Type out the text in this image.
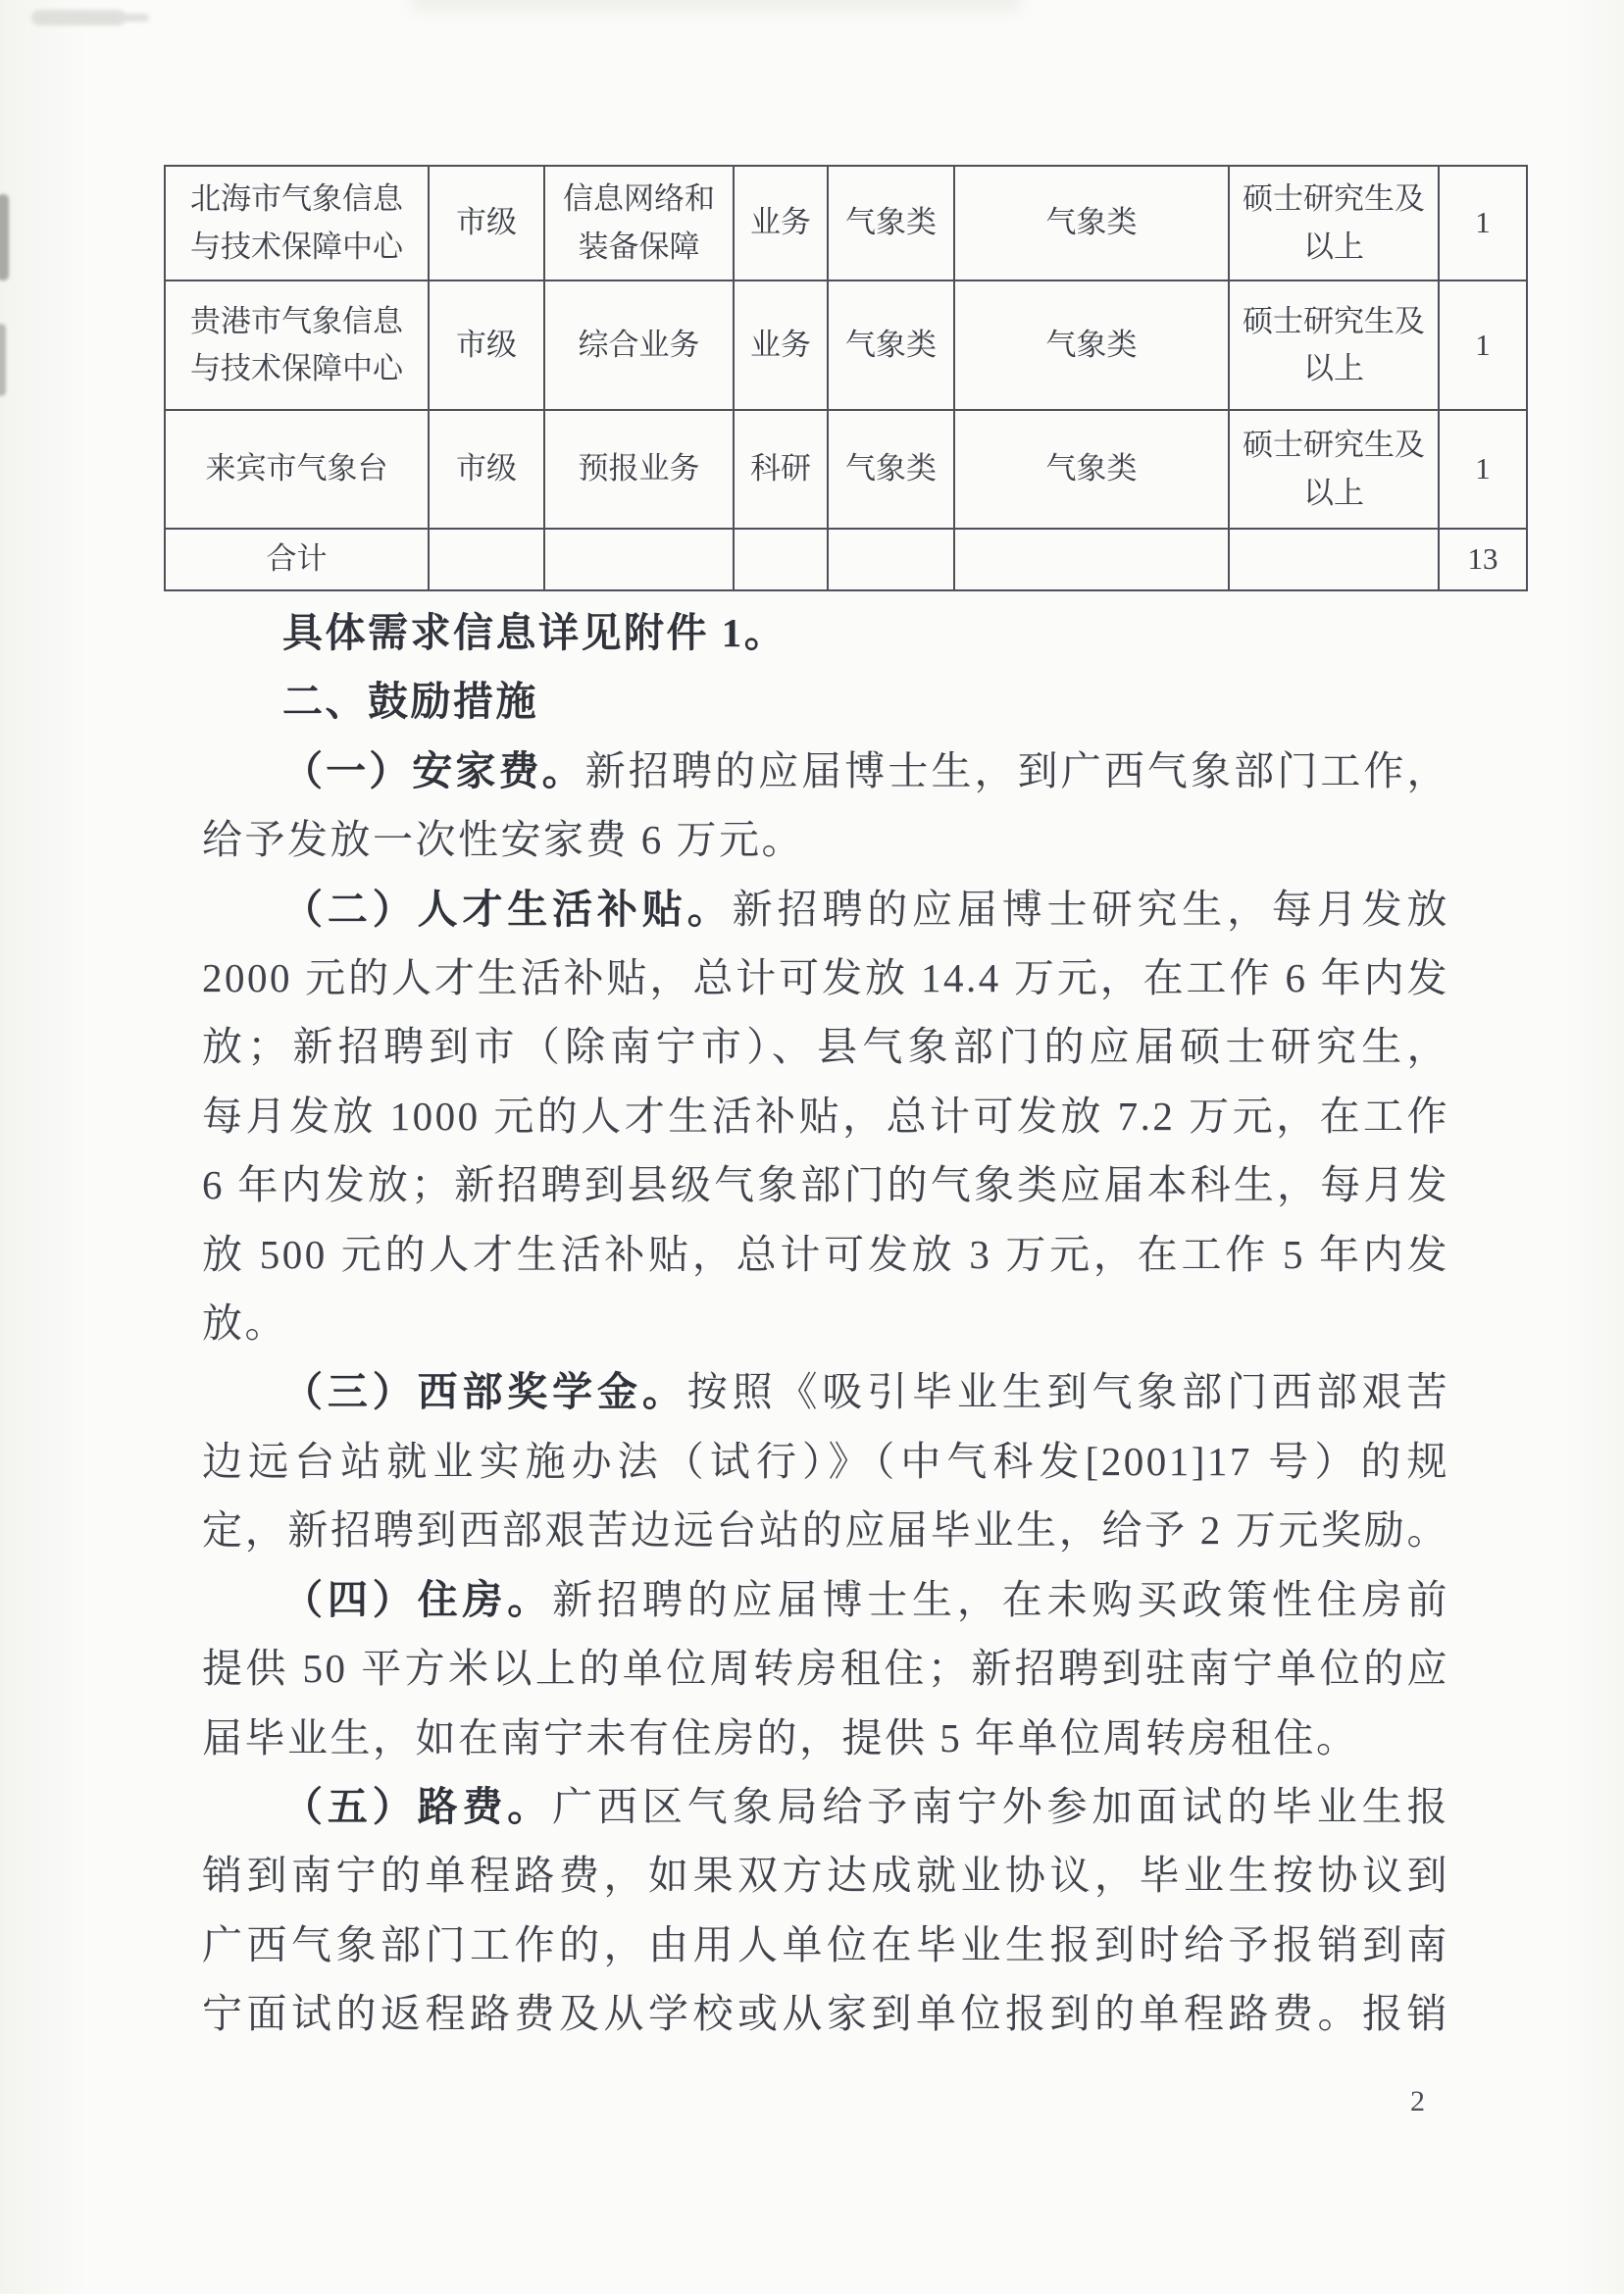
北海市气象信息与技术保障中心	市级	信息网络和装备保障	业务	气象类	气象类	硕士研究生及以上	1
贵港市气象信息与技术保障中心	市级	综合业务	业务	气象类	气象类	硕士研究生及以上	1
来宾市气象台	市级	预报业务	科研	气象类	气象类	硕士研究生及以上	1
合计							13
具体需求信息详见附件 1。
二、鼓励措施
（一）安家费。新招聘的应届博士生，到广西气象部门工作，
给予发放一次性安家费 6 万元。
（二）人才生活补贴。新招聘的应届博士研究生，每月发放
2000 元的人才生活补贴，总计可发放 14.4 万元，在工作 6 年内发
放；新招聘到市（除南宁市）、县气象部门的应届硕士研究生，
每月发放 1000 元的人才生活补贴，总计可发放 7.2 万元，在工作
6 年内发放；新招聘到县级气象部门的气象类应届本科生，每月发
放 500 元的人才生活补贴，总计可发放 3 万元，在工作 5 年内发
放。
（三）西部奖学金。按照《吸引毕业生到气象部门西部艰苦
边远台站就业实施办法（试行）》（中气科发[2001]17 号）的规
定，新招聘到西部艰苦边远台站的应届毕业生，给予 2 万元奖励。
（四）住房。新招聘的应届博士生，在未购买政策性住房前
提供 50 平方米以上的单位周转房租住；新招聘到驻南宁单位的应
届毕业生，如在南宁未有住房的，提供 5 年单位周转房租住。
（五）路费。广西区气象局给予南宁外参加面试的毕业生报
销到南宁的单程路费，如果双方达成就业协议，毕业生按协议到
广西气象部门工作的，由用人单位在毕业生报到时给予报销到南
宁面试的返程路费及从学校或从家到单位报到的单程路费。报销
2
